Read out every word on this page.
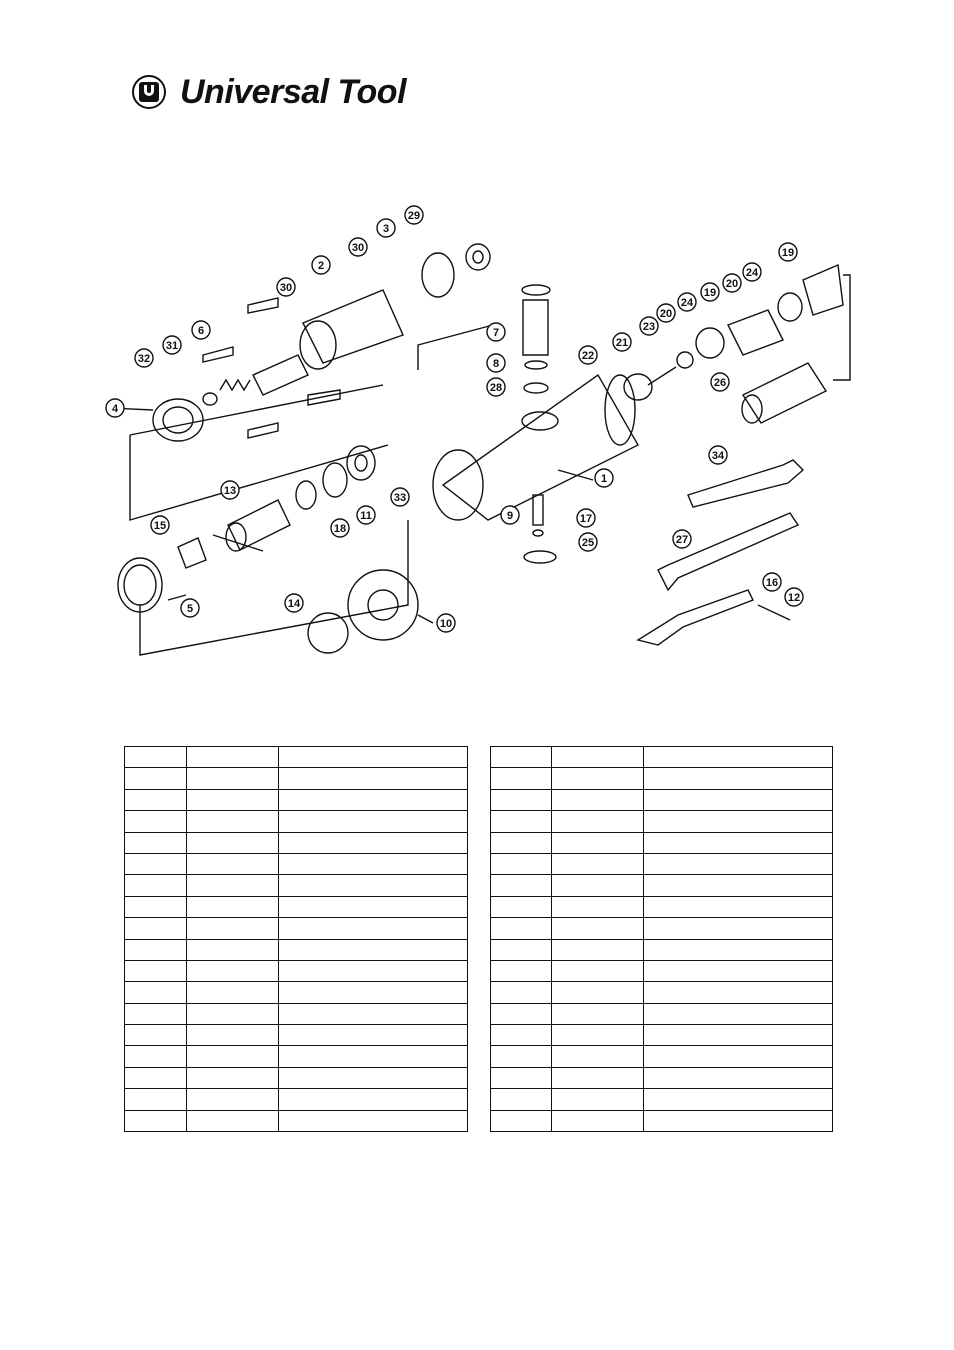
Universal Tool
1
2
3
4
5
6	7
8
9
10
11
12
13
14
15
16
17
18
19
19
20
20
21
22
23
24
24
25
26
27
28
29
30
30
31
32
33
34
